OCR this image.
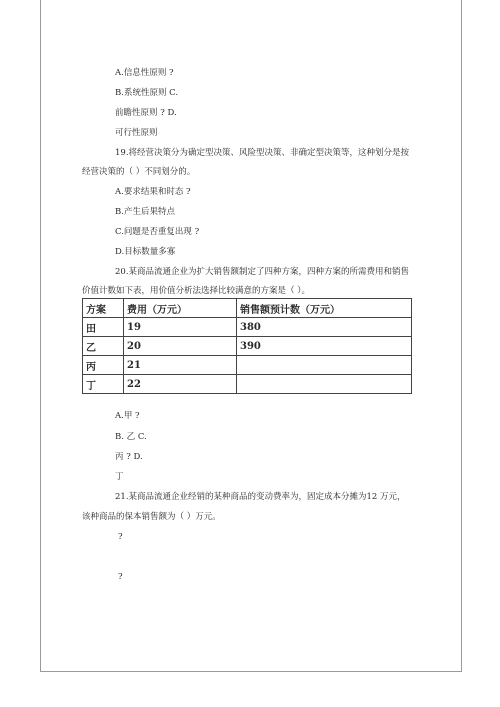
A.信息性原则 ?
B.系统性原则 C.
前瞻性原则 ? D.
可行性原则
19.将经营决策分为确定型决策、风险型决策、非确定型决策等，这种划分是按
经营决策的（ ）不同划分的。
A.要求结果和时态 ?
B.产生后果特点
C.问题是否重复出现 ?
D.目标数量多寡
20.某商品流通企业为扩大销售额制定了四种方案，四种方案的所需费用和销售
价值计数如下表，用价值分析法选择比较满意的方案是（ ）。
方案	费用（万元）	销售额预计数（万元）
田	19	380
乙	20	390
丙	21	
丁	22	
A.甲 ?
B. 乙 C.
丙 ? D.
丁
21.某商品流通企业经销的某种商品的变动费率为，固定成本分摊为12 万元，
该种商品的保本销售额为（ ）万元。
?
?
